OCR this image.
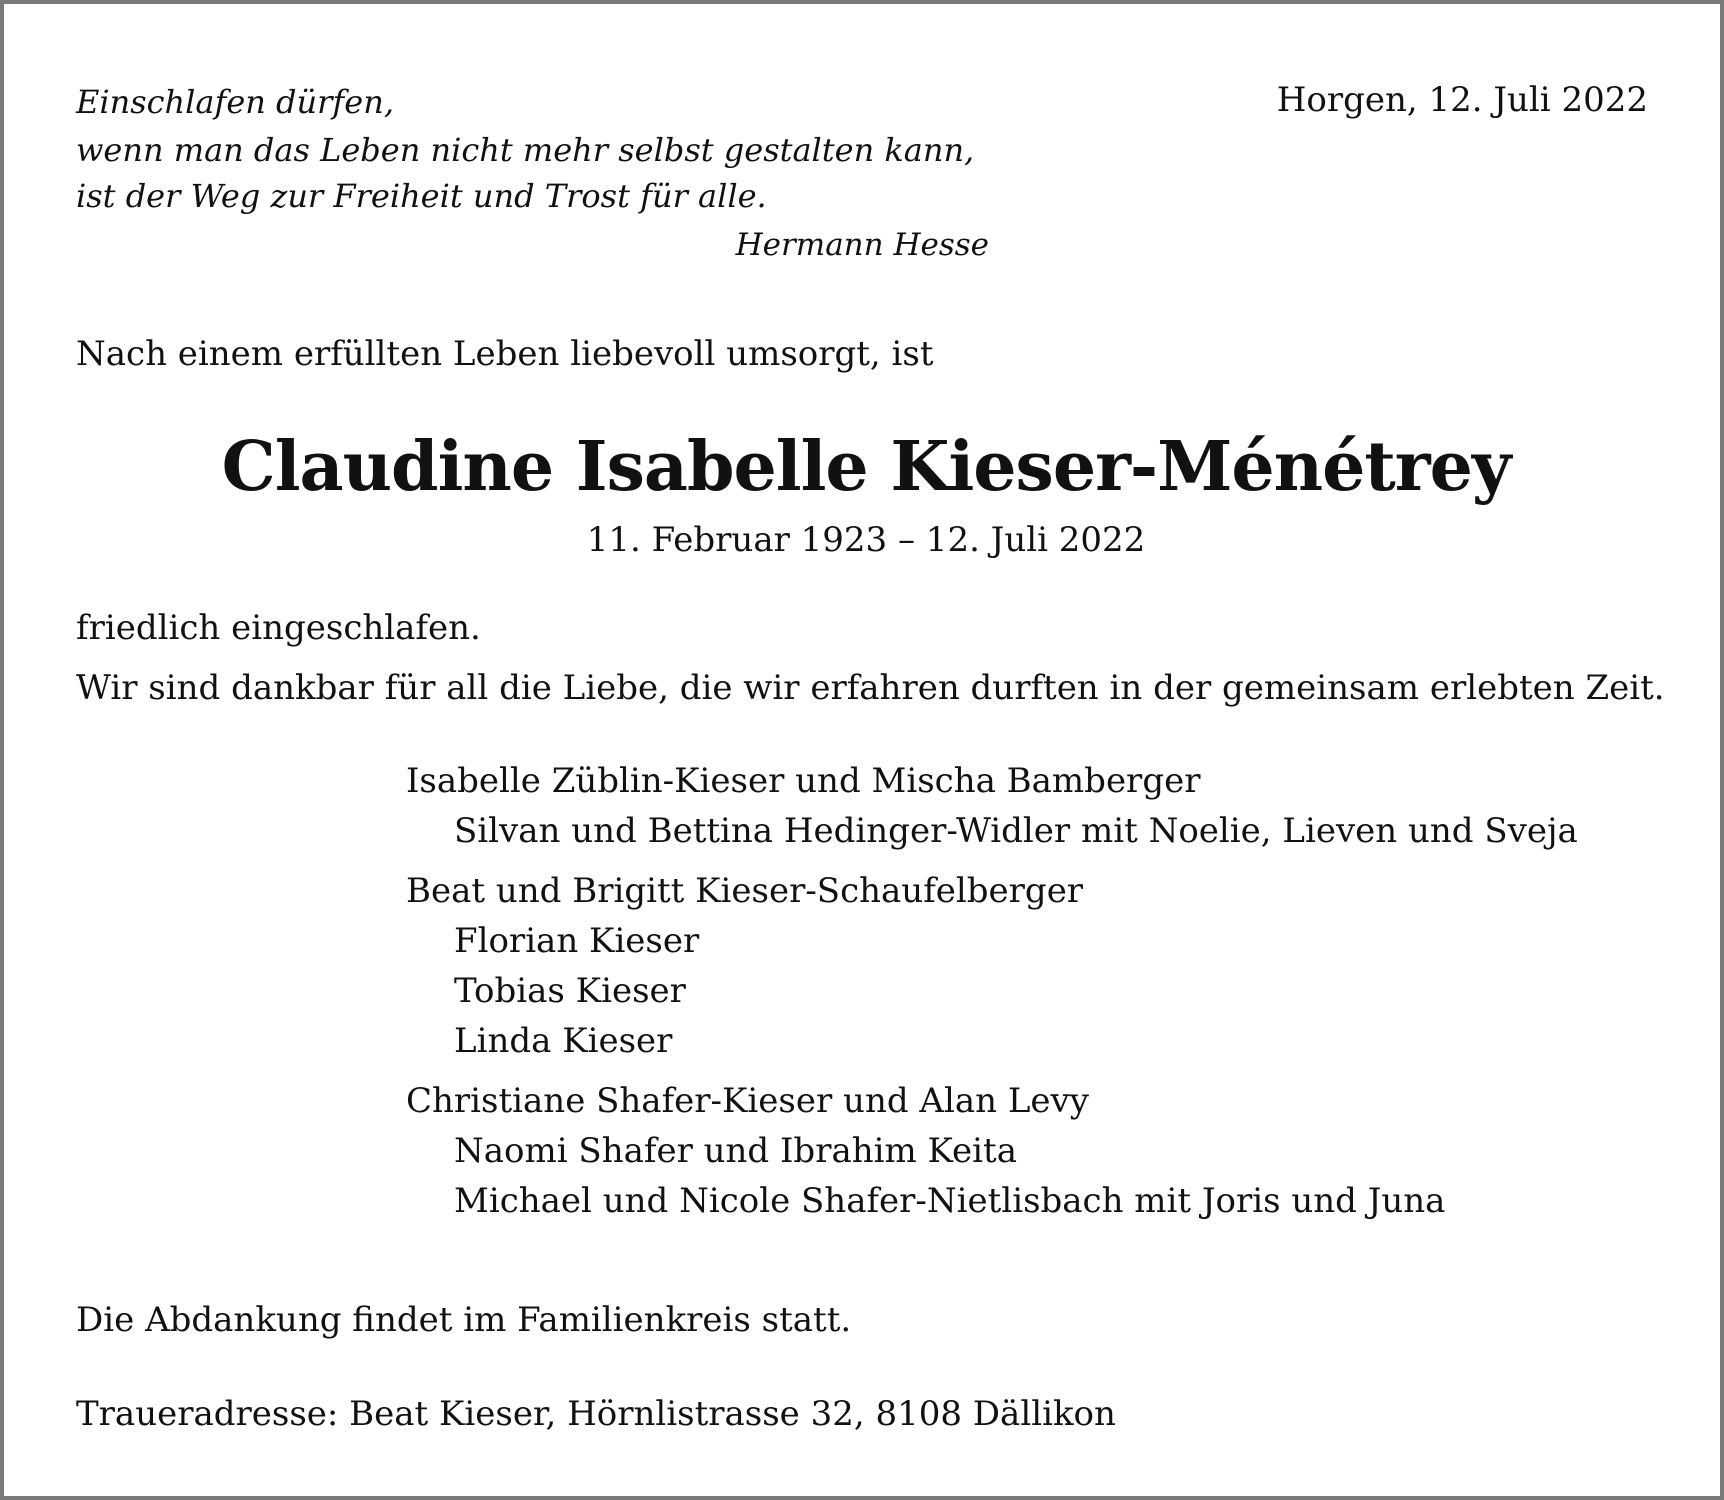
Einschlafen dürfen,

wenn man das Leben nicht mehr selbst gestalten kann,

ist der Weg zur Freiheit und Trost für alle.

Hermann Hesse

Horgen, 12. Juli 2022

Nach einem erfüllten Leben liebevoll umsorgt, ist

Claudine Isabelle Kieser-Ménétrey

11. Februar 1923 – 12. Juli 2022

friedlich eingeschlafen.

Wir sind dankbar für all die Liebe, die wir erfahren durften in der gemeinsam erlebten Zeit.

Isabelle Züblin-Kieser und Mischa Bamberger
Silvan und Bettina Hedinger-Widler mit Noelie, Lieven und Sveja
Beat und Brigitt Kieser-Schaufelberger
Florian Kieser
Tobias Kieser
Linda Kieser
Christiane Shafer-Kieser und Alan Levy
Naomi Shafer und Ibrahim Keita
Michael und Nicole Shafer-Nietlisbach mit Joris und Juna

Die Abdankung findet im Familienkreis statt.

Traueradresse: Beat Kieser, Hörnlistrasse 32, 8108 Dällikon
